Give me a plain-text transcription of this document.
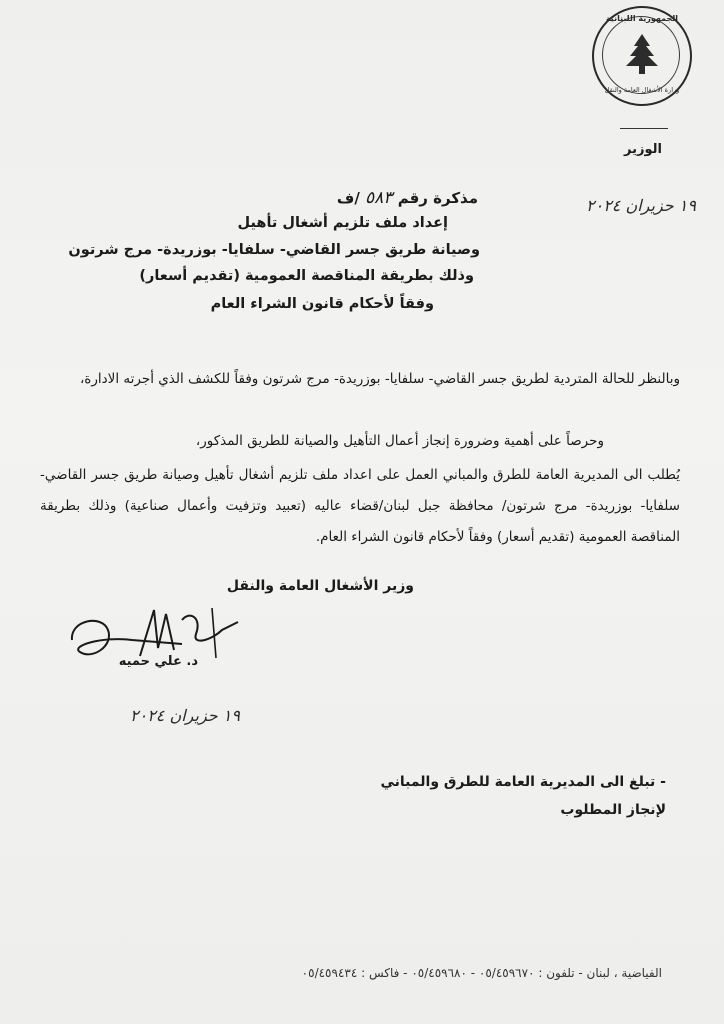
الجمهورية اللبنانية
وزارة الأشغال العامة والنقل
الوزير
١٩ حزيران ٢٠٢٤
مذكرة رقم ٥٨٣ /ف
إعداد ملف تلزيم أشغال تأهيل
وصيانة طريق جسر القاضي- سلفايا- بوزريدة- مرج شرتون
وذلك بطريقة المناقصة العمومية (تقديم أسعار)
وفقاً لأحكام قانون الشراء العام
وبالنظر للحالة المتردية لطريق جسر القاضي- سلفايا- بوزريدة- مرج شرتون وفقاً للكشف الذي أجرته الادارة،
وحرصاً على أهمية وضرورة إنجاز أعمال التأهيل والصيانة للطريق المذكور،
يُطلب الى المديرية العامة للطرق والمباني العمل على اعداد ملف تلزيم أشغال تأهيل وصيانة طريق جسر القاضي- سلفايا- بوزريدة- مرج شرتون/ محافظة جبل لبنان/قضاء عاليه (تعبيد وتزفيت وأعمال صناعية) وذلك بطريقة المناقصة العمومية (تقديم أسعار) وفقاً لأحكام قانون الشراء العام.
وزير الأشغال العامة والنقل
د. علي حميه
١٩ حزيران ٢٠٢٤
- تبلغ الى المديرية العامة للطرق والمباني
لإنجاز المطلوب
الفياضية ، لبنان - تلفون : ٠٥/٤٥٩٦٧٠ - ٠٥/٤٥٩٦٨٠ - فاكس : ٠٥/٤٥٩٤٣٤
